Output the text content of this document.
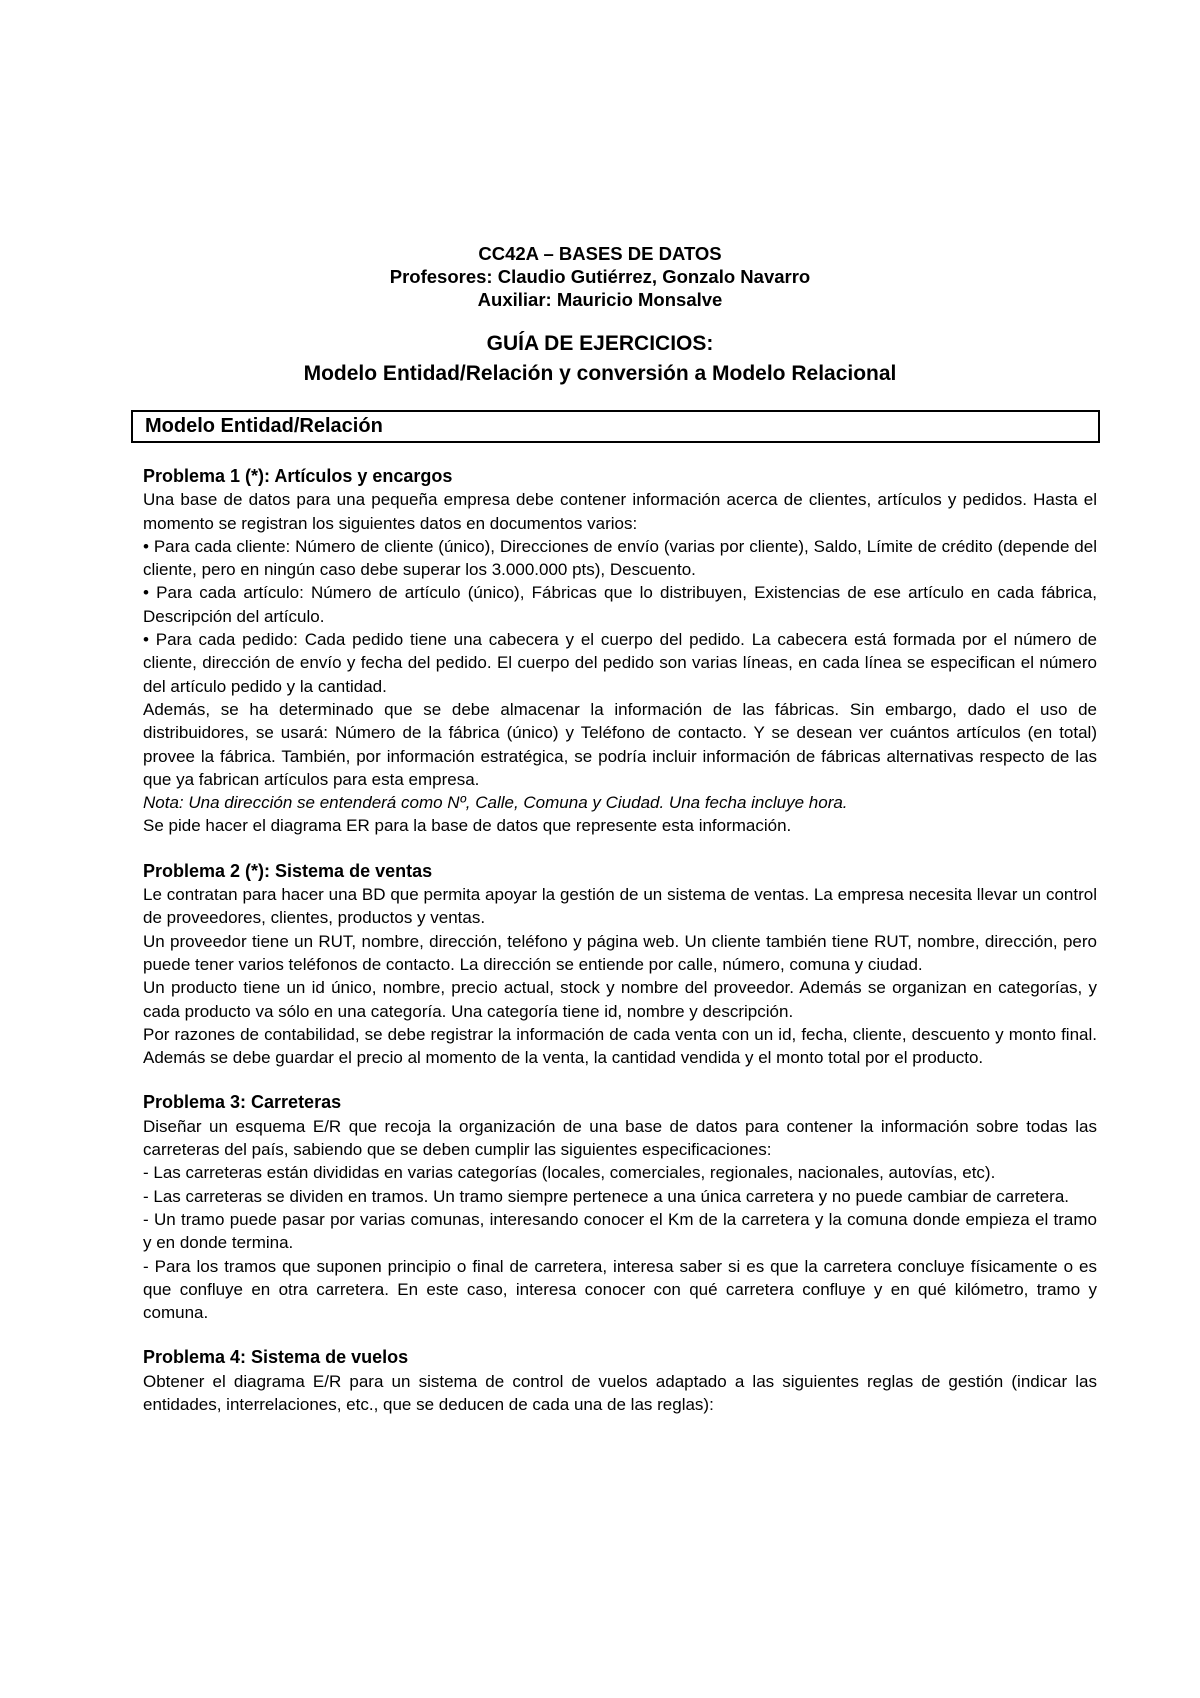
CC42A – BASES DE DATOS
Profesores: Claudio Gutiérrez, Gonzalo Navarro
Auxiliar: Mauricio Monsalve
GUÍA DE EJERCICIOS:
Modelo Entidad/Relación y conversión a Modelo Relacional
Modelo Entidad/Relación
Problema 1 (*): Artículos y encargos

Una base de datos para una pequeña empresa debe contener información acerca de clientes, artículos y pedidos. Hasta el momento se registran los siguientes datos en documentos varios:

• Para cada cliente: Número de cliente (único), Direcciones de envío (varias por cliente), Saldo, Límite de crédito (depende del cliente, pero en ningún caso debe superar los 3.000.000 pts), Descuento.

• Para cada artículo: Número de artículo (único), Fábricas que lo distribuyen, Existencias de ese artículo en cada fábrica, Descripción del artículo.

• Para cada pedido: Cada pedido tiene una cabecera y el cuerpo del pedido. La cabecera está formada por el número de cliente, dirección de envío y fecha del pedido. El cuerpo del pedido son varias líneas, en cada línea se especifican el número del artículo pedido y la cantidad.

Además, se ha determinado que se debe almacenar la información de las fábricas. Sin embargo, dado el uso de distribuidores, se usará: Número de la fábrica (único) y Teléfono de contacto. Y se desean ver cuántos artículos (en total) provee la fábrica. También, por información estratégica, se podría incluir información de fábricas alternativas respecto de las que ya fabrican artículos para esta empresa.

Nota: Una dirección se entenderá como Nº, Calle, Comuna y Ciudad. Una fecha incluye hora.

Se pide hacer el diagrama ER para la base de datos que represente esta información.

Problema 2 (*): Sistema de ventas

Le contratan para hacer una BD que permita apoyar la gestión de un sistema de ventas. La empresa necesita llevar un control de proveedores, clientes, productos y ventas.

Un proveedor tiene un RUT, nombre, dirección, teléfono y página web. Un cliente también tiene RUT, nombre, dirección, pero puede tener varios teléfonos de contacto. La dirección se entiende por calle, número, comuna y ciudad.

Un producto tiene un id único, nombre, precio actual, stock y nombre del proveedor. Además se organizan en categorías, y cada producto va sólo en una categoría. Una categoría tiene id, nombre y descripción.

Por razones de contabilidad, se debe registrar la información de cada venta con un id, fecha, cliente, descuento y monto final. Además se debe guardar el precio al momento de la venta, la cantidad vendida y el monto total por el producto.

Problema 3: Carreteras

Diseñar un esquema E/R que recoja la organización de una base de datos para contener la información sobre todas las carreteras del país, sabiendo que se deben cumplir las siguientes especificaciones:

- Las carreteras están divididas en varias categorías (locales, comerciales, regionales, nacionales, autovías, etc).

- Las carreteras se dividen en tramos. Un tramo siempre pertenece a una única carretera y no puede cambiar de carretera.

- Un tramo puede pasar por varias comunas, interesando conocer el Km de la carretera y la comuna donde empieza el tramo y en donde termina.

- Para los tramos que suponen principio o final de carretera, interesa saber si es que la carretera concluye físicamente o es que confluye en otra carretera. En este caso, interesa conocer con qué carretera confluye y en qué kilómetro, tramo y comuna.

Problema 4: Sistema de vuelos

Obtener el diagrama E/R para un sistema de control de vuelos adaptado a las siguientes reglas de gestión (indicar las entidades, interrelaciones, etc., que se deducen de cada una de las reglas):
